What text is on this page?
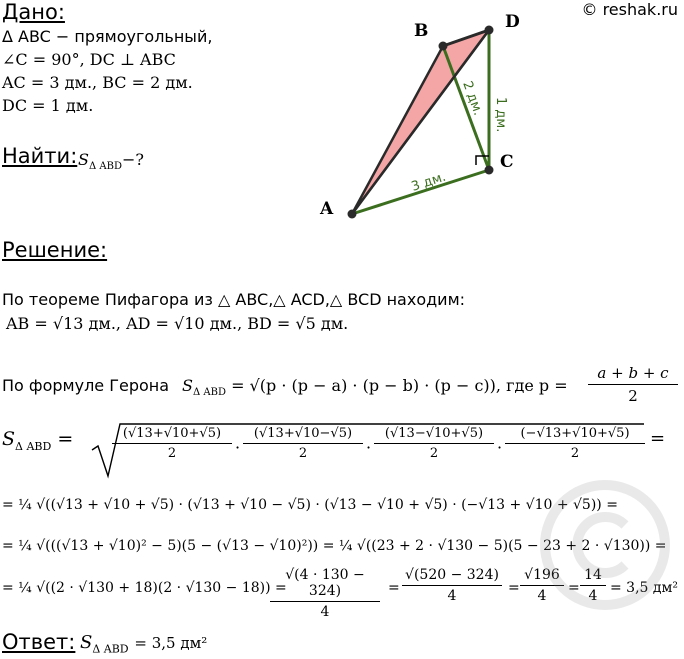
© reshak.ru
Дано:
Δ ABC − прямоугольный,
∠C = 90°, DC ⊥ ABC
AC = 3 дм., BC = 2 дм.
DC = 1 дм.
Найти: $S_{\Delta ABD}-$?
A
B
C
D
3 дм.
2 дм. 1 дм.
Решение:
По теореме Пифагора из △ ABC,△ ACD,△ BCD находим:
AB = √13 дм., AD = √10 дм., BD = √5 дм.
По формуле Герона $S_{\Delta ABD} = √(p \cdot (p - a) \cdot (p - b) \cdot (p - c))$, где p =
a + b + c
2
$S_{\Delta ABD}$ =	(√13+√10+√5)
2	·
(√13+√10−√5)
2	·
(√13−√10+√5)
2	·
(−√13+√10+√5)
2
=
= ¼ √((√13 + √10 + √5) · (√13 + √10 − √5) · (√13 − √10 + √5) · (−√13 + √10 + √5)) =
= ¼ √(((√13 + √10)² − 5)(5 − (√13 − √10)²)) = ¼ √((23 + 2 · √130 − 5)(5 − 23 + 2 · √130)) =
= ¼ √((2 · √130 + 18)(2 · √130 − 18)) =
√(4 · 130 − 324)
4
=
√(520 − 324)
4	=
√196
4	=
14
4 = 3,5 дм²
Ответ: $S_{\Delta ABD} = 3,5$ дм²
